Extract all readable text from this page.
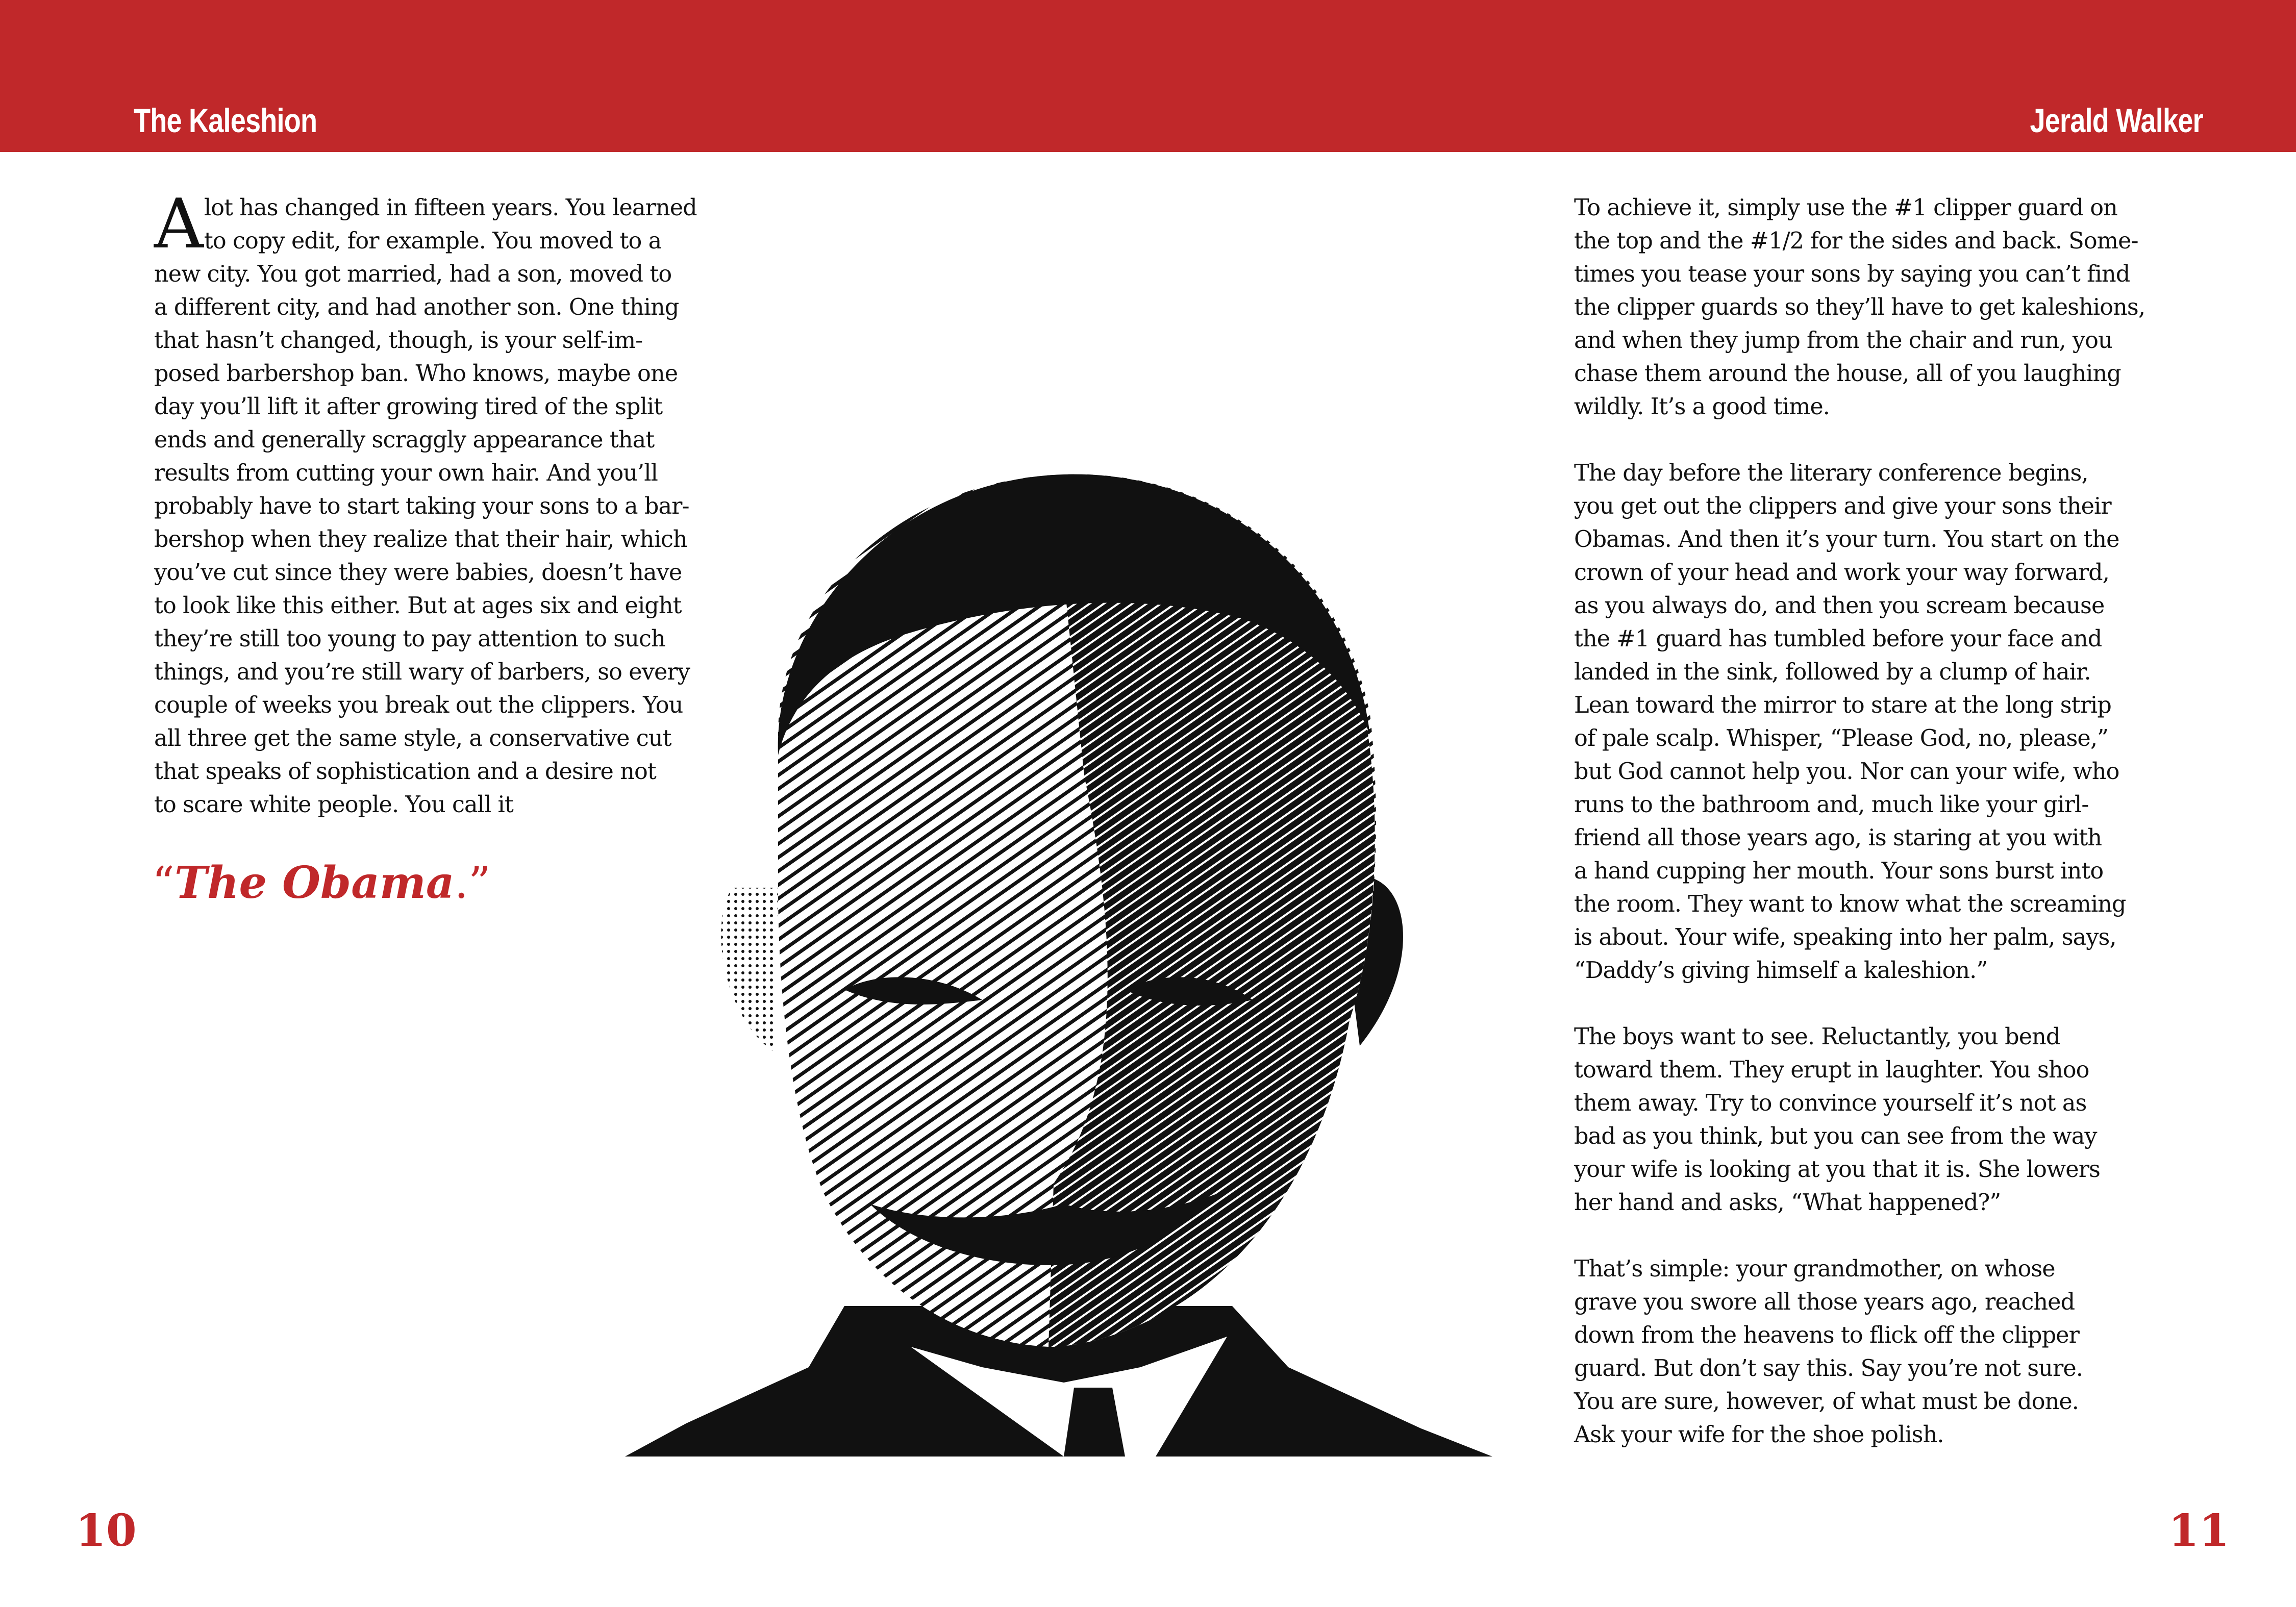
The Kaleshion	Jerald Walker
A lot has changed in fifteen years. You learned
to copy edit, for example. You moved to a
new city. You got married, had a son, moved to
a different city, and had another son. One thing
that hasn’t changed, though, is your self-im-
posed barbershop ban. Who knows, maybe one
day you’ll lift it after growing tired of the split
ends and generally scraggly appearance that
results from cutting your own hair. And you’ll
probably have to start taking your sons to a bar-
bershop when they realize that their hair, which
you’ve cut since they were babies, doesn’t have
to look like this either. But at ages six and eight
they’re still too young to pay attention to such
things, and you’re still wary of barbers, so every
couple of weeks you break out the clippers. You
all three get the same style, a conservative cut
that speaks of sophistication and a desire not
to scare white people. You call it
“The Obama.”
To achieve it, simply use the #1 clipper guard on
the top and the #1/2 for the sides and back. Some-
times you tease your sons by saying you can’t find
the clipper guards so they’ll have to get kaleshions,
and when they jump from the chair and run, you
chase them around the house, all of you laughing
wildly. It’s a good time.
The day before the literary conference begins,
you get out the clippers and give your sons their
Obamas. And then it’s your turn. You start on the
crown of your head and work your way forward,
as you always do, and then you scream because
the #1 guard has tumbled before your face and
landed in the sink, followed by a clump of hair.
Lean toward the mirror to stare at the long strip
of pale scalp. Whisper, “Please God, no, please,”
but God cannot help you. Nor can your wife, who
runs to the bathroom and, much like your girl-
friend all those years ago, is staring at you with
a hand cupping her mouth. Your sons burst into
the room. They want to know what the screaming
is about. Your wife, speaking into her palm, says,
“Daddy’s giving himself a kaleshion.”
The boys want to see. Reluctantly, you bend
toward them. They erupt in laughter. You shoo
them away. Try to convince yourself it’s not as
bad as you think, but you can see from the way
your wife is looking at you that it is. She lowers
her hand and asks, “What happened?”
That’s simple: your grandmother, on whose
grave you swore all those years ago, reached
down from the heavens to flick off the clipper
guard. But don’t say this. Say you’re not sure.
You are sure, however, of what must be done.
Ask your wife for the shoe polish.
10	11
